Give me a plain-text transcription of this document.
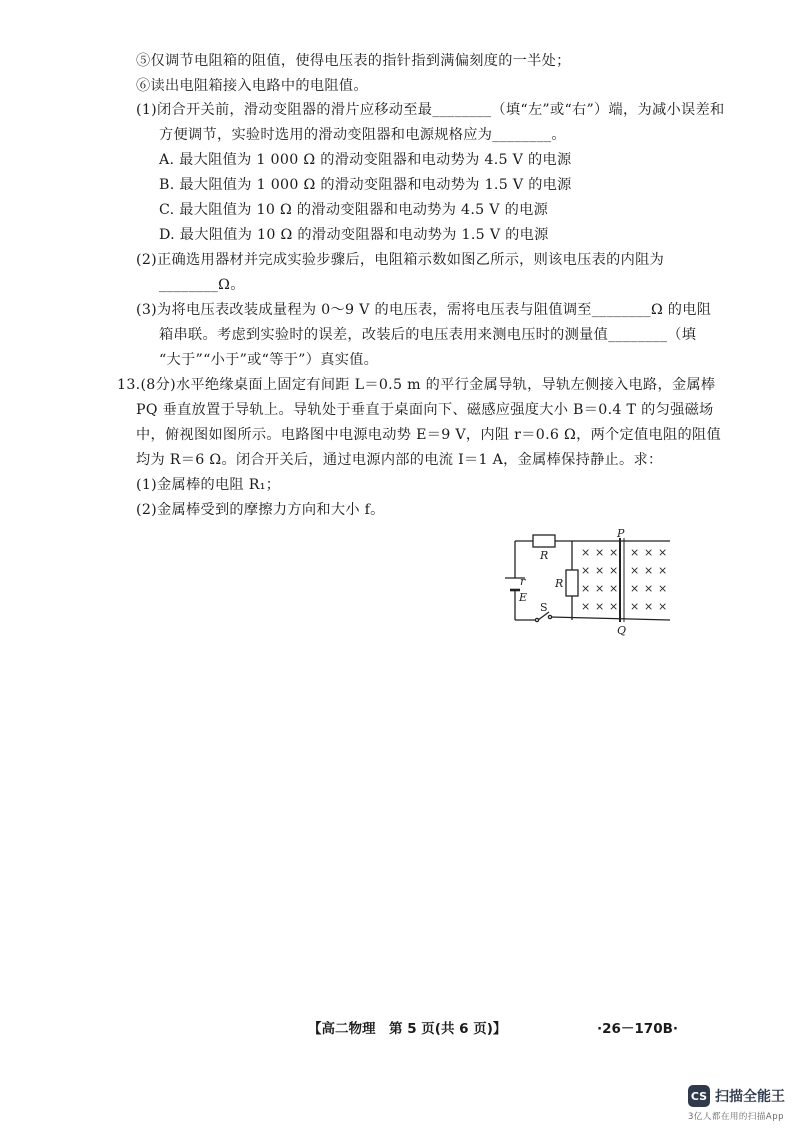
⑤仅调节电阻箱的阻值，使得电压表的指针指到满偏刻度的一半处；
⑥读出电阻箱接入电路中的电阻值。
(1)闭合开关前，滑动变阻器的滑片应移动至最________（填“左”或“右”）端，为减小误差和
方便调节，实验时选用的滑动变阻器和电源规格应为________。
A. 最大阻值为 1 000 Ω 的滑动变阻器和电动势为 4.5 V 的电源
B. 最大阻值为 1 000 Ω 的滑动变阻器和电动势为 1.5 V 的电源
C. 最大阻值为 10 Ω 的滑动变阻器和电动势为 4.5 V 的电源
D. 最大阻值为 10 Ω 的滑动变阻器和电动势为 1.5 V 的电源
(2)正确选用器材并完成实验步骤后，电阻箱示数如图乙所示，则该电压表的内阻为
________Ω。
(3)为将电压表改装成量程为 0～9 V 的电压表，需将电压表与阻值调至________Ω 的电阻
箱串联。考虑到实验时的误差，改装后的电压表用来测电压时的测量值________（填
“大于”“小于”或“等于”）真实值。
13.(8分)水平绝缘桌面上固定有间距 L＝0.5 m 的平行金属导轨，导轨左侧接入电路，金属棒
PQ 垂直放置于导轨上。导轨处于垂直于桌面向下、磁感应强度大小 B＝0.4 T 的匀强磁场
中，俯视图如图所示。电路图中电源电动势 E＝9 V，内阻 r＝0.6 Ω，两个定值电阻的阻值
均为 R＝6 Ω。闭合开关后，通过电源内部的电流 I＝1 A，金属棒保持静止。求：
(1)金属棒的电阻 R₁；
(2)金属棒受到的摩擦力方向和大小 f。
R
R
r
E
S
P
Q
× × × × × ×
× × × × × ×
× × × × × ×
× × × × × ×
【高二物理　第 5 页(共 6 页)】	·26－170B·
CS 扫描全能王
3亿人都在用的扫描App
